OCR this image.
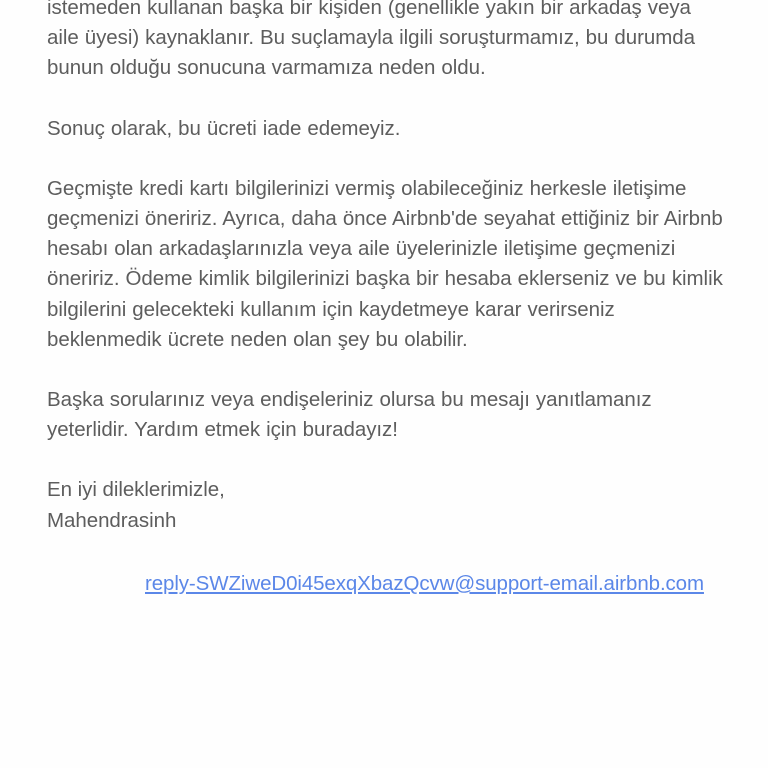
istemeden kullanan başka bir kişiden (genellikle yakın bir arkadaş veya aile üyesi) kaynaklanır. Bu suçlamayla ilgili soruşturmamız, bu durumda bunun olduğu sonucuna varmamıza neden oldu.

Sonuç olarak, bu ücreti iade edemeyiz.

Geçmişte kredi kartı bilgilerinizi vermiş olabileceğiniz herkesle iletişime geçmenizi öneririz. Ayrıca, daha önce Airbnb'de seyahat ettiğiniz bir Airbnb hesabı olan arkadaşlarınızla veya aile üyelerinizle iletişime geçmenizi öneririz. Ödeme kimlik bilgilerinizi başka bir hesaba eklerseniz ve bu kimlik bilgilerini gelecekteki kullanım için kaydetmeye karar verirseniz beklenmedik ücrete neden olan şey bu olabilir.

Başka sorularınız veya endişeleriniz olursa bu mesajı yanıtlamanız yeterlidir. Yardım etmek için buradayız!

En iyi dileklerimizle,
Mahendrasinh

reply-SWZiweD0i45exqXbazQcvw@support-email.airbnb.com
